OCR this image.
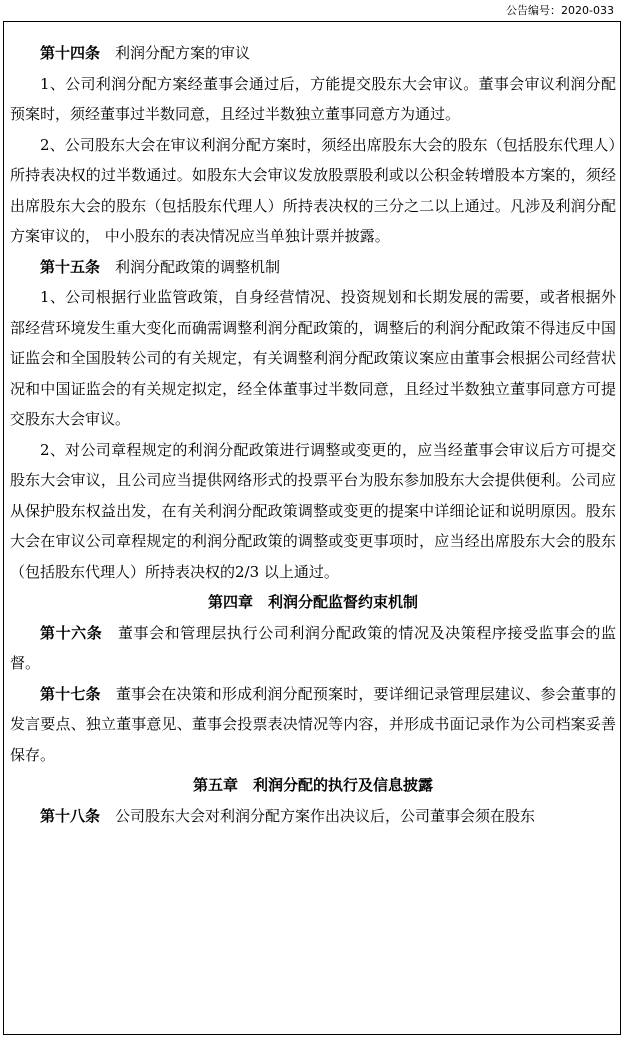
公告编号：2020-033

第十四条　利润分配方案的审议

1、公司利润分配方案经董事会通过后，方能提交股东大会审议。董事会审议利润分配预案时，须经董事过半数同意，且经过半数独立董事同意方为通过。

2、公司股东大会在审议利润分配方案时，须经出席股东大会的股东（包括股东代理人）所持表决权的过半数通过。如股东大会审议发放股票股利或以公积金转增股本方案的，须经出席股东大会的股东（包括股东代理人）所持表决权的三分之二以上通过。凡涉及利润分配方案审议的， 中小股东的表决情况应当单独计票并披露。

第十五条　利润分配政策的调整机制

1、公司根据行业监管政策，自身经营情况、投资规划和长期发展的需要，或者根据外部经营环境发生重大变化而确需调整利润分配政策的，调整后的利润分配政策不得违反中国证监会和全国股转公司的有关规定，有关调整利润分配政策议案应由董事会根据公司经营状况和中国证监会的有关规定拟定，经全体董事过半数同意，且经过半数独立董事同意方可提交股东大会审议。

2、对公司章程规定的利润分配政策进行调整或变更的，应当经董事会审议后方可提交股东大会审议，且公司应当提供网络形式的投票平台为股东参加股东大会提供便利。公司应从保护股东权益出发，在有关利润分配政策调整或变更的提案中详细论证和说明原因。股东大会在审议公司章程规定的利润分配政策的调整或变更事项时，应当经出席股东大会的股东（包括股东代理人）所持表决权的2/3 以上通过。

第四章　利润分配监督约束机制

第十六条　董事会和管理层执行公司利润分配政策的情况及决策程序接受监事会的监督。

第十七条　董事会在决策和形成利润分配预案时，要详细记录管理层建议、参会董事的发言要点、独立董事意见、董事会投票表决情况等内容，并形成书面记录作为公司档案妥善保存。

第五章　利润分配的执行及信息披露

第十八条　公司股东大会对利润分配方案作出决议后，公司董事会须在股东
